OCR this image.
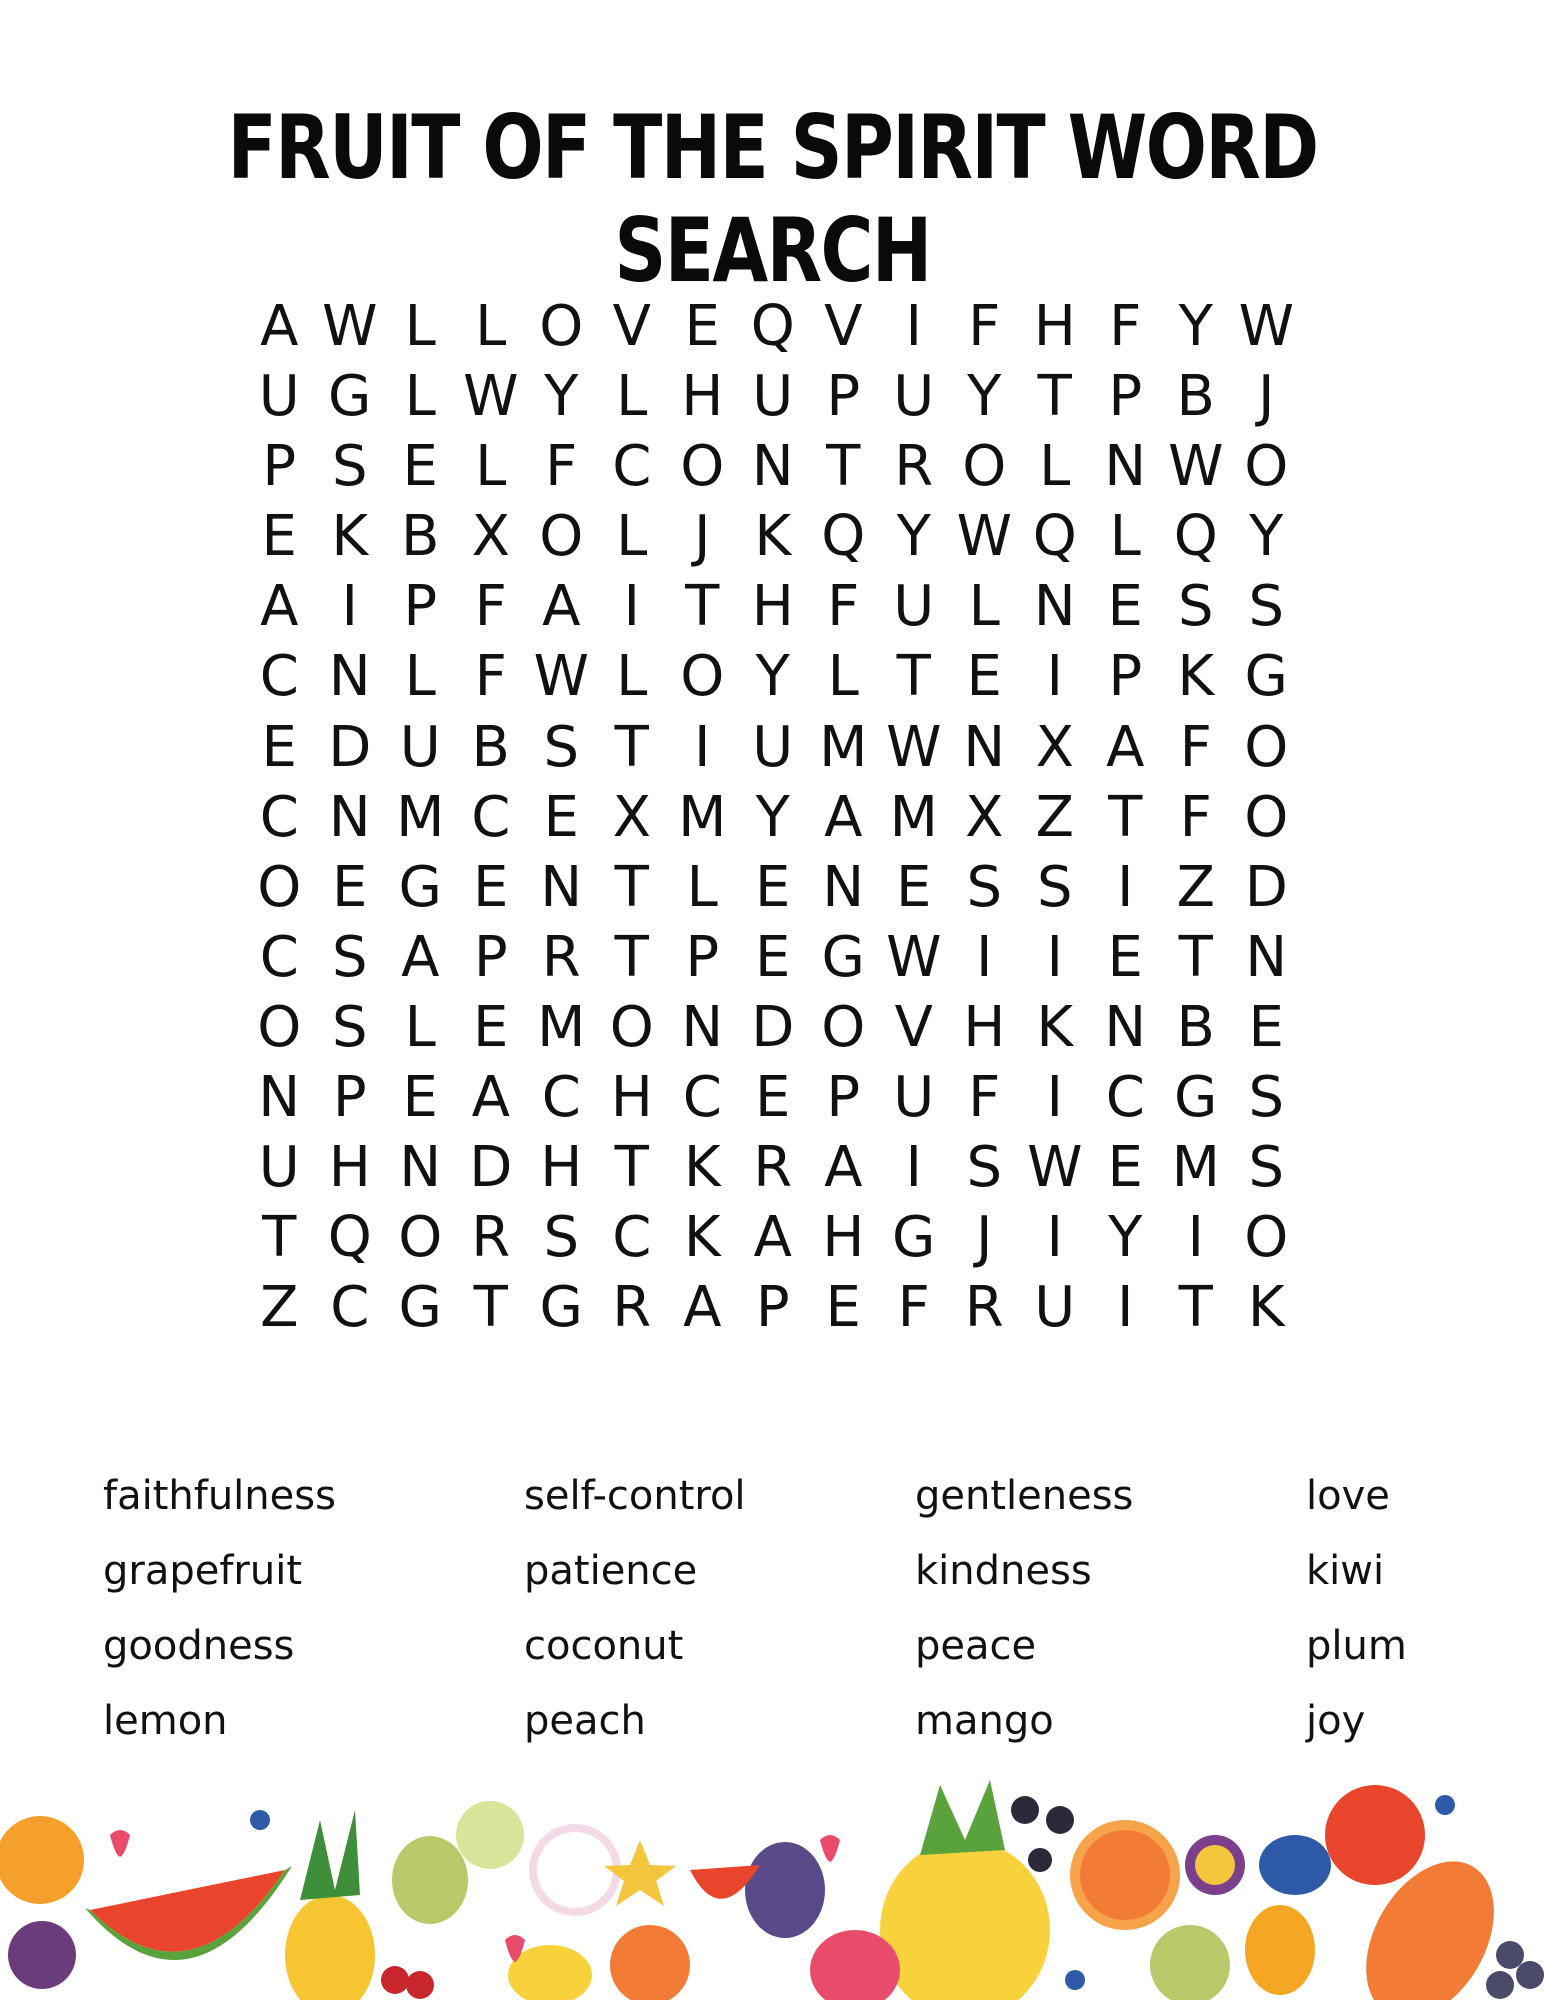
FRUIT OF THE SPIRIT WORD SEARCH
A W L L O V E Q V I F H F Y W
U G L W Y L H U P U Y T P B J
P S E L F C O N T R O L N W O
E K B X O L J K Q Y W Q L Q Y
A I P F A I T H F U L N E S S
C N L F W L O Y L T E I P K G
E D U B S T I U M W N X A F O
C N M C E X M Y A M X Z T F O
O E G E N T L E N E S S I Z D
C S A P R T P E G W I I E T N
O S L E M O N D O V H K N B E
N P E A C H C E P U F I C G S
U H N D H T K R A I S W E M S
T Q O R S C K A H G J I Y I O
Z C G T G R A P E F R U I T K
faithfulness
grapefruit
goodness
lemon
self-control
patience
coconut
peach
gentleness
kindness
peace
mango
love
kiwi
plum
joy
